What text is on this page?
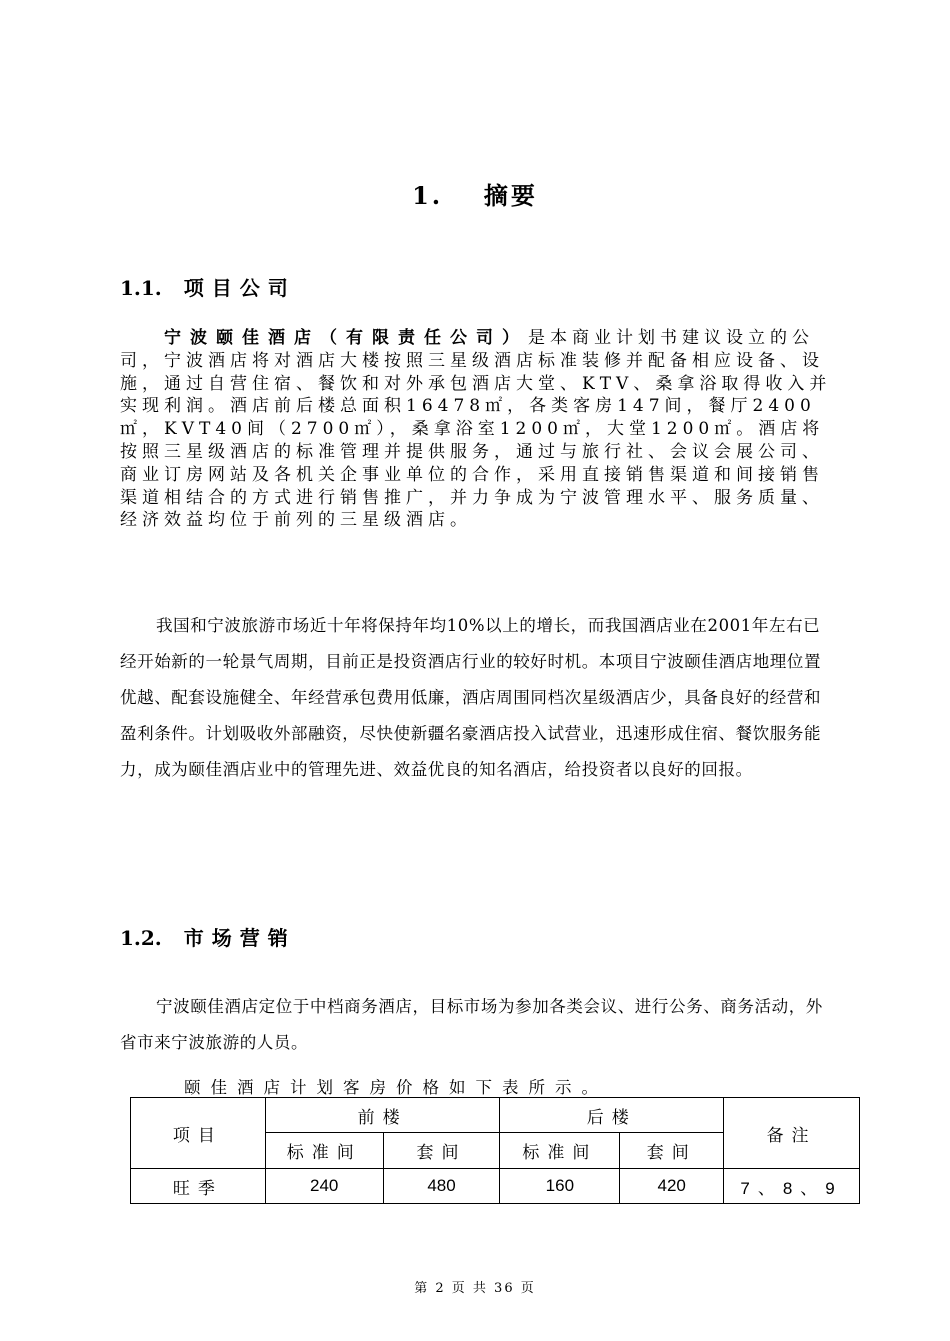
1. 摘要
1.1. 项目公司

宁波颐佳酒店（有限责任公司）是本商业计划书建议设立的公司，宁波酒店将对酒店大楼按照三星级酒店标准装修并配备相应设备、设施，通过自营住宿、餐饮和对外承包酒店大堂、KTV、桑拿浴取得收入并实现利润。酒店前后楼总面积16478㎡，各类客房147间，餐厅2400㎡，KVT40间（2700㎡），桑拿浴室1200㎡，大堂1200㎡。酒店将按照三星级酒店的标准管理并提供服务，通过与旅行社、会议会展公司、商业订房网站及各机关企事业单位的合作，采用直接销售渠道和间接销售渠道相结合的方式进行销售推广，并力争成为宁波管理水平、服务质量、经济效益均位于前列的三星级酒店。

我国和宁波旅游市场近十年将保持年均10%以上的增长，而我国酒店业在2001年左右已经开始新的一轮景气周期，目前正是投资酒店行业的较好时机。本项目宁波颐佳酒店地理位置优越、配套设施健全、年经营承包费用低廉，酒店周围同档次星级酒店少，具备良好的经营和盈利条件。计划吸收外部融资，尽快使新疆名豪酒店投入试营业，迅速形成住宿、餐饮服务能力，成为颐佳酒店业中的管理先进、效益优良的知名酒店，给投资者以良好的回报。

1.2. 市场营销

宁波颐佳酒店定位于中档商务酒店，目标市场为参加各类会议、进行公务、商务活动，外省市来宁波旅游的人员。

颐佳酒店计划客房价格如下表所示。
项目	前楼		后楼		备注
	标准间	套间	标准间	套间	
旺季	240	480	160	420	7、8、9
第 2 页 共 36 页
